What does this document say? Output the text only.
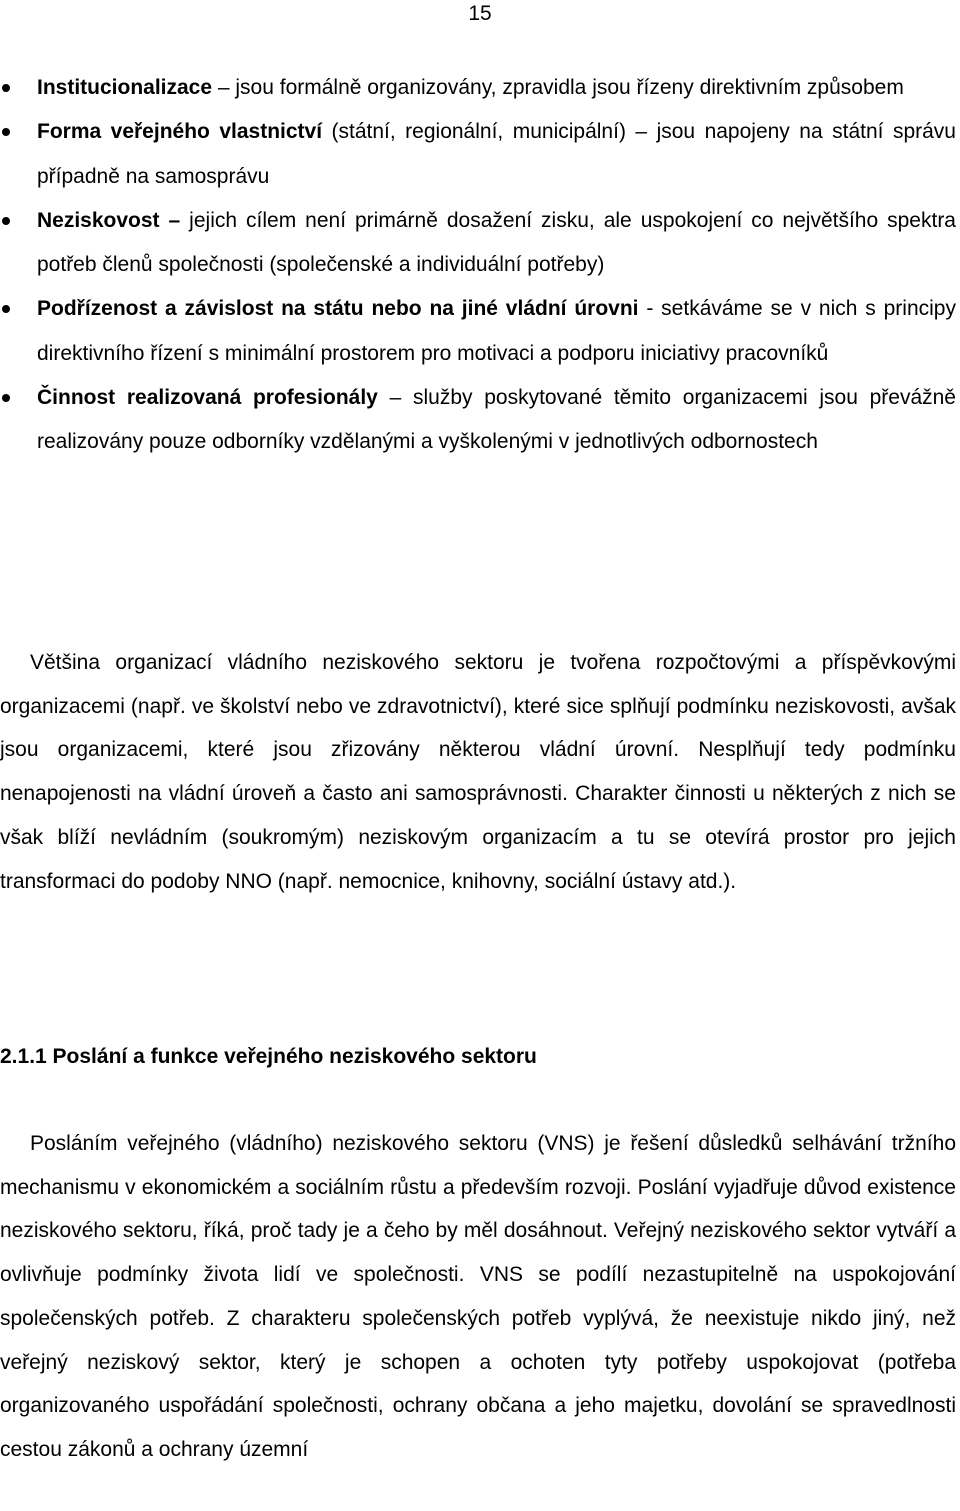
15
Institucionalizace – jsou formálně organizovány, zpravidla jsou řízeny direktivním způsobem
Forma veřejného vlastnictví (státní, regionální, municipální) – jsou napojeny na státní správu případně na samosprávu
Neziskovost – jejich cílem není primárně dosažení zisku, ale uspokojení co největšího spektra potřeb členů společnosti (společenské a individuální potřeby)
Podřízenost a závislost na státu nebo na jiné vládní úrovni - setkáváme se v nich s principy direktivního řízení s minimální prostorem pro motivaci a podporu iniciativy pracovníků
Činnost realizovaná profesionály – služby poskytované těmito organizacemi jsou převážně realizovány pouze odborníky vzdělanými a vyškolenými v jednotlivých odbornostech

Většina organizací vládního neziskového sektoru je tvořena rozpočtovými a příspěvkovými organizacemi (např. ve školství nebo ve zdravotnictví), které sice splňují podmínku neziskovosti, avšak jsou organizacemi, které jsou zřizovány některou vládní úrovní. Nesplňují tedy podmínku nenapojenosti na vládní úroveň a často ani samosprávnosti. Charakter činnosti u některých z nich se však blíží nevládním (soukromým) neziskovým organizacím a tu se otevírá prostor pro jejich transformaci do podoby NNO (např. nemocnice, knihovny, sociální ústavy atd.).

2.1.1 Poslání a funkce veřejného neziskového sektoru

Posláním veřejného (vládního) neziskového sektoru (VNS) je řešení důsledků selhávání tržního mechanismu v ekonomickém a sociálním růstu a především rozvoji. Poslání vyjadřuje důvod existence neziskového sektoru, říká, proč tady je a čeho by měl dosáhnout. Veřejný neziskového sektor vytváří a ovlivňuje podmínky života lidí ve společnosti. VNS se podílí nezastupitelně na uspokojování společenských potřeb. Z charakteru společenských potřeb vyplývá, že neexistuje nikdo jiný, než veřejný neziskový sektor, který je schopen a ochoten tyty potřeby uspokojovat (potřeba organizovaného uspořádání společnosti, ochrany občana a jeho majetku, dovolání se spravedlnosti cestou zákonů a ochrany územní
